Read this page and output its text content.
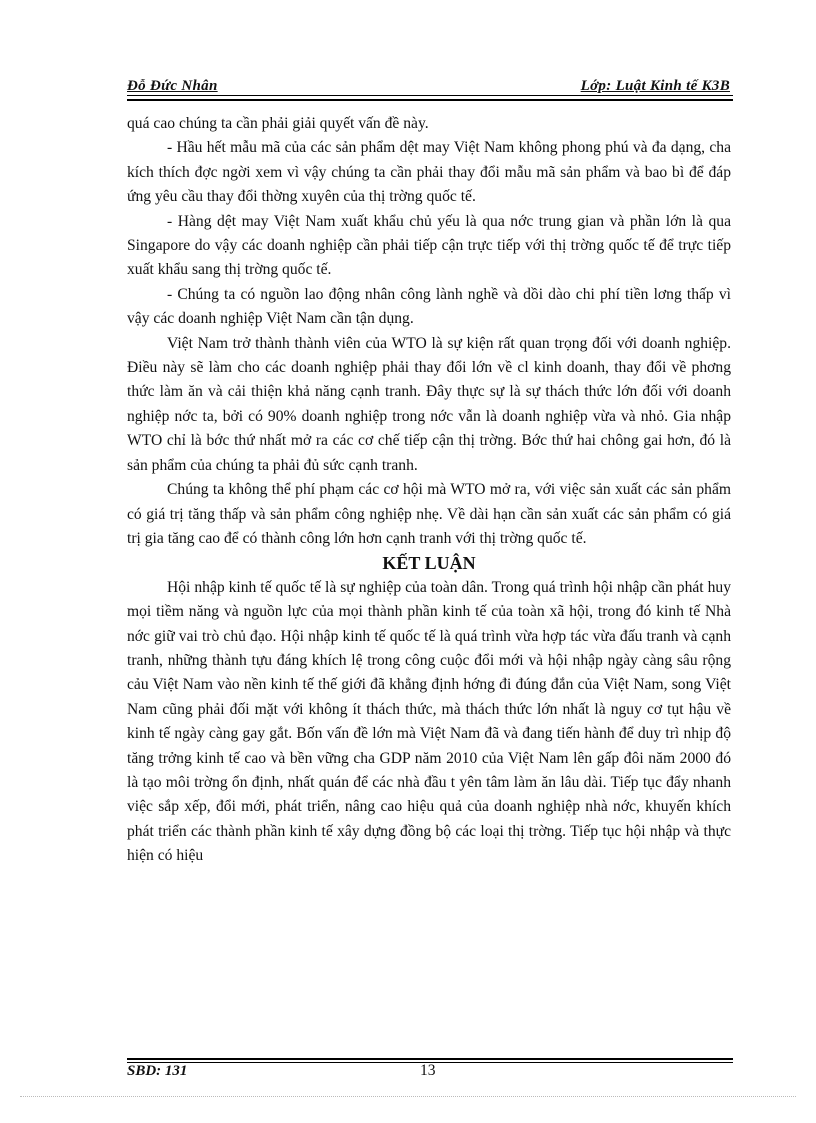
Đỗ Đức Nhân	Lớp: Luật Kinh tế K3B

quá cao chúng ta cần phải giải quyết vấn đề này.

- Hầu hết mẫu mã của các sản phẩm dệt may Việt Nam không phong phú và đa dạng, cha kích thích đợc ngời xem vì vậy chúng ta cần phải thay đổi mẫu mã sản phẩm và bao bì để đáp ứng yêu cầu thay đổi thờng xuyên của thị trờng quốc tế.

- Hàng dệt may Việt Nam xuất khẩu chủ yếu là qua nớc trung gian và phần lớn là qua Singapore do vậy các doanh nghiệp cần phải tiếp cận trực tiếp với thị trờng quốc tế để trực tiếp xuất khẩu sang thị trờng quốc tế.

- Chúng ta có nguồn lao động nhân công lành nghề và dồi dào chi phí tiền lơng thấp vì vậy các doanh nghiệp Việt Nam cần tận dụng.

Việt Nam trở thành thành viên của WTO là sự kiện rất quan trọng đối với doanh nghiệp. Điều này sẽ làm cho các doanh nghiệp phải thay đổi lớn về cl kinh doanh, thay đổi về phơng thức làm ăn và cải thiện khả năng cạnh tranh. Đây thực sự là sự thách thức lớn đối với doanh nghiệp nớc ta, bởi có 90% doanh nghiệp trong nớc vẫn là doanh nghiệp vừa và nhỏ. Gia nhập WTO chỉ là bớc thứ nhất mở ra các cơ chế tiếp cận thị trờng. Bớc thứ hai chông gai hơn, đó là sản phẩm của chúng ta phải đủ sức cạnh tranh.

Chúng ta không thể phí phạm các cơ hội mà WTO mở ra, với việc sản xuất các sản phẩm có giá trị tăng thấp và sản phẩm công nghiệp nhẹ. Về dài hạn cần sản xuất các sản phẩm có giá trị gia tăng cao để có thành công lớn hơn cạnh tranh với thị trờng quốc tế.

KẾT LUẬN

Hội nhập kinh tế quốc tế là sự nghiệp của toàn dân. Trong quá trình hội nhập cần phát huy mọi tiềm năng và nguồn lực của mọi thành phần kinh tế của toàn xã hội, trong đó kinh tế Nhà nớc giữ vai trò chủ đạo. Hội nhập kinh tế quốc tế là quá trình vừa hợp tác vừa đấu tranh và cạnh tranh, những thành tựu đáng khích lệ trong công cuộc đổi mới và hội nhập ngày càng sâu rộng cảu Việt Nam vào nền kinh tế thế giới đã khẳng định hớng đi đúng đắn của Việt Nam, song Việt Nam cũng phải đối mặt với không ít thách thức, mà thách thức lớn nhất là nguy cơ tụt hậu về kinh tế ngày càng gay gắt. Bốn vấn đề lớn mà Việt Nam đã và đang tiến hành để duy trì nhịp độ tăng trởng kinh tế cao và bền vững cha GDP năm 2010 của Việt Nam lên gấp đôi năm 2000 đó là tạo môi trờng ổn định, nhất quán để các nhà đầu t yên tâm làm ăn lâu dài. Tiếp tục đẩy nhanh việc sắp xếp, đổi mới, phát triển, nâng cao hiệu quả của doanh nghiệp nhà nớc, khuyến khích phát triển các thành phần kinh tế xây dựng đồng bộ các loại thị trờng. Tiếp tục hội nhập và thực hiện có hiệu

SBD: 131	13
